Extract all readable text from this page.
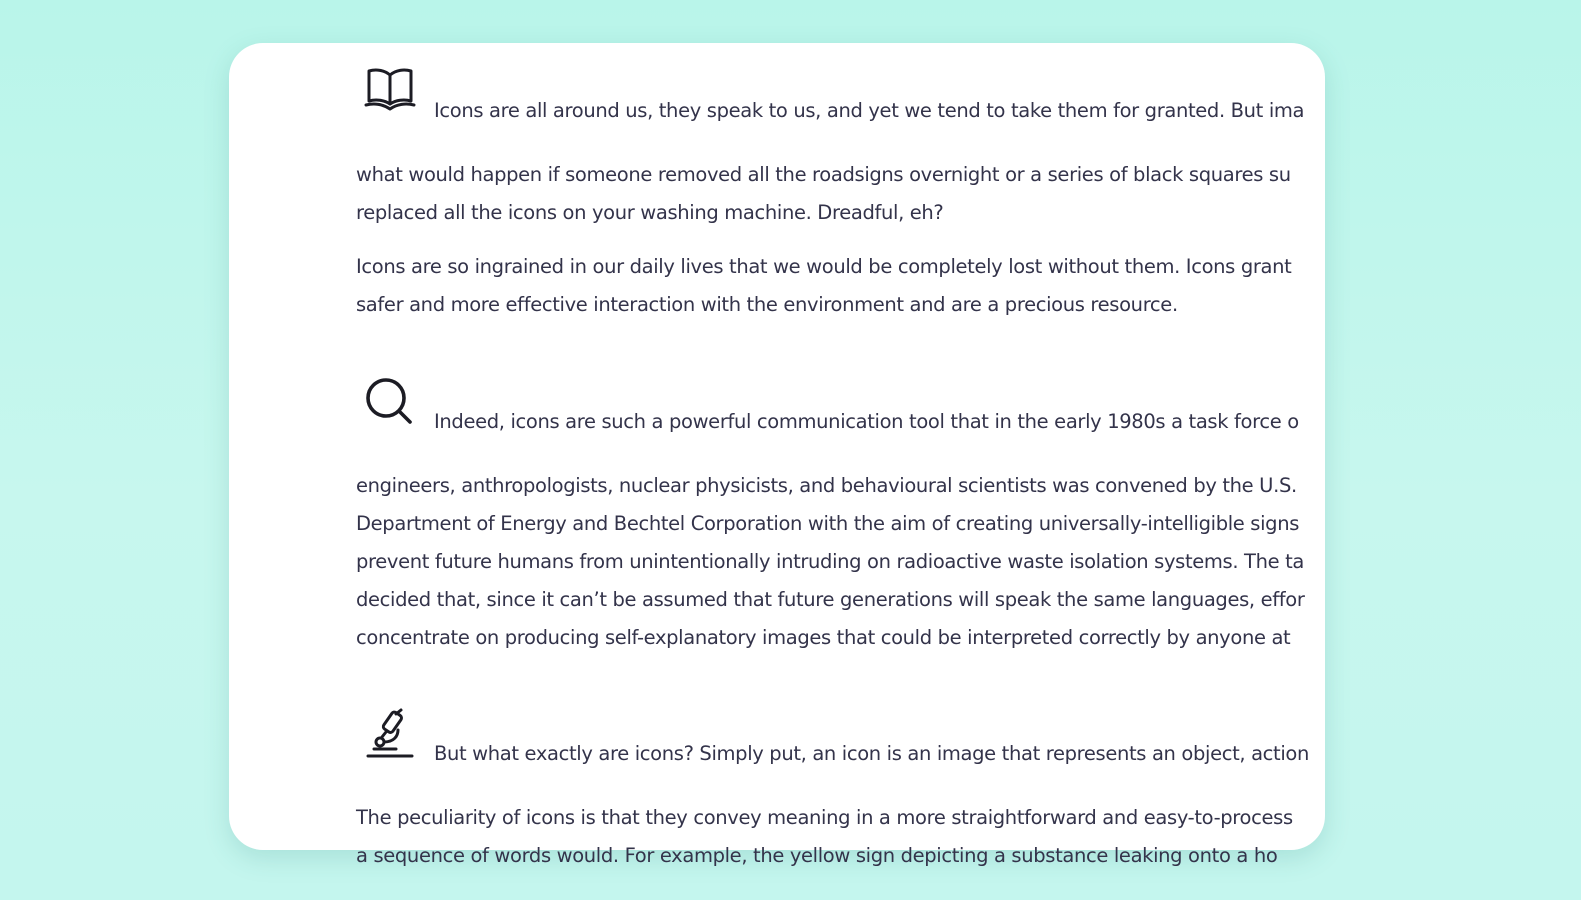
Icons are all around us, they speak to us, and yet we tend to take them for granted. But ima
what would happen if someone removed all the roadsigns overnight or a series of black squares su
replaced all the icons on your washing machine. Dreadful, eh?
Icons are so ingrained in our daily lives that we would be completely lost without them. Icons grant
safer and more effective interaction with the environment and are a precious resource.
Indeed, icons are such a powerful communication tool that in the early 1980s a task force o
engineers, anthropologists, nuclear physicists, and behavioural scientists was convened by the U.S.
Department of Energy and Bechtel Corporation with the aim of creating universally-intelligible signs
prevent future humans from unintentionally intruding on radioactive waste isolation systems. The ta
decided that, since it can’t be assumed that future generations will speak the same languages, effor
concentrate on producing self-explanatory images that could be interpreted correctly by anyone at
But what exactly are icons? Simply put, an icon is an image that represents an object, action
The peculiarity of icons is that they convey meaning in a more straightforward and easy-to-process
a sequence of words would. For example, the yellow sign depicting a substance leaking onto a ho
